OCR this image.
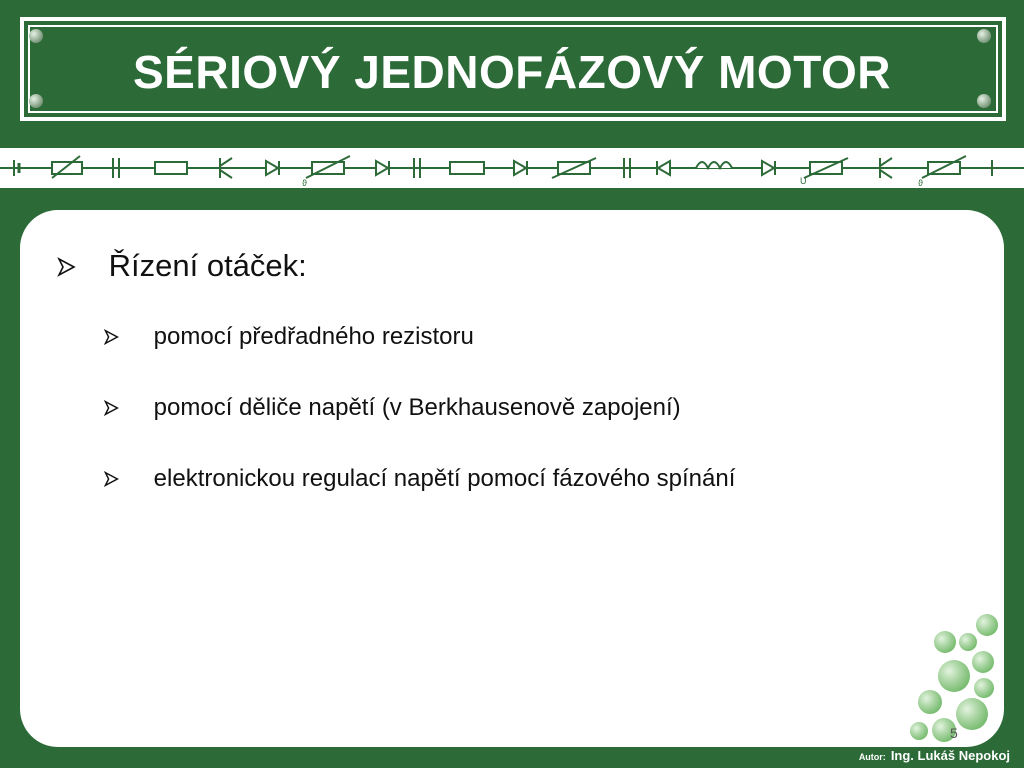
SÉRIOVÝ JEDNOFÁZOVÝ MOTOR
ϑ	U	ϑ
Řízení otáček:
pomocí předřadného rezistoru
pomocí děliče napětí (v Berkhausenově zapojení)
elektronickou regulací napětí pomocí fázového spínání
5
Autor: Ing. Lukáš Nepokoj
